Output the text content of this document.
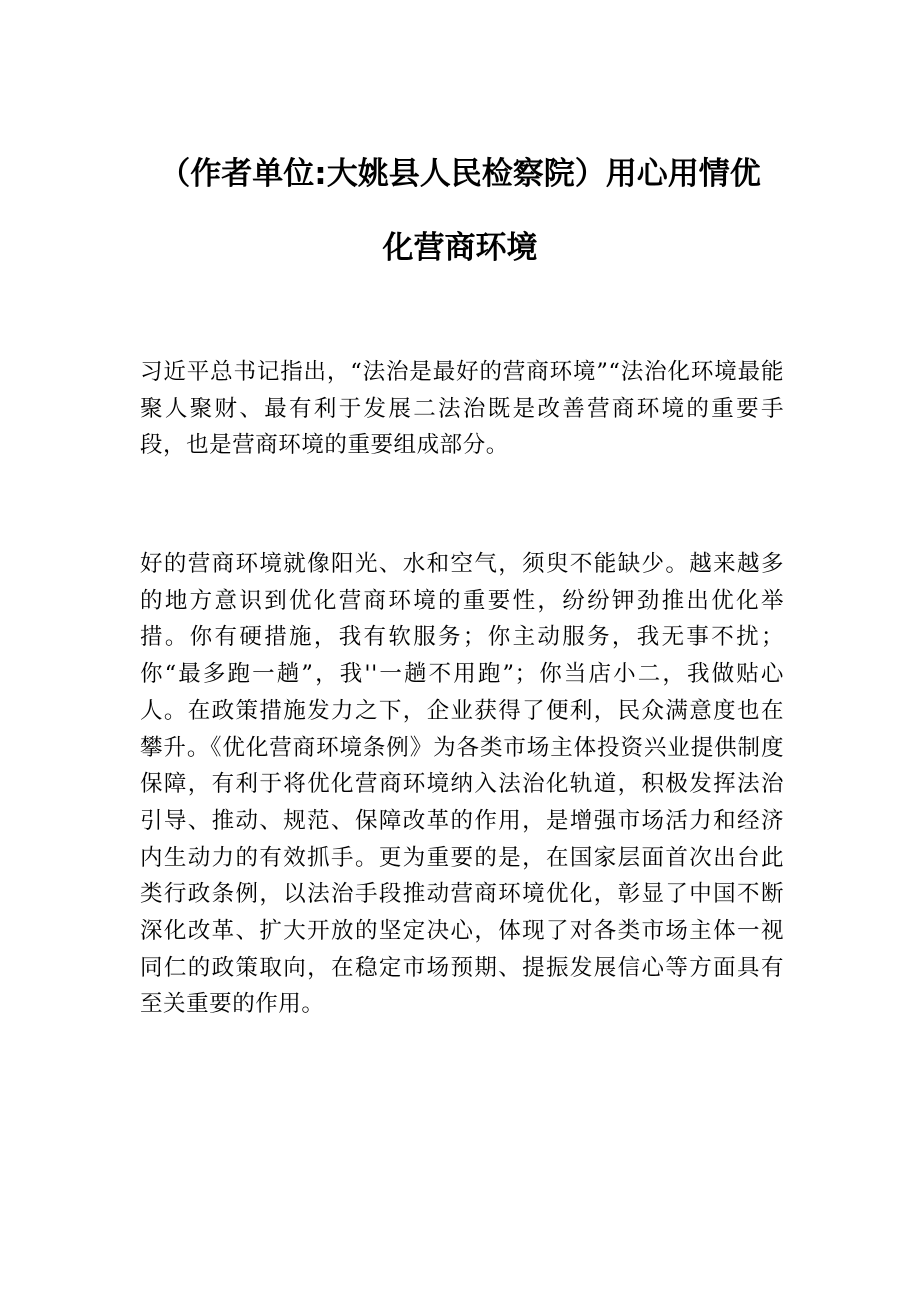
（作者单位:大姚县人民检察院）用心用情优
化营商环境

习近平总书记指出，“法治是最好的营商环境”“法治化环境最能聚人聚财、最有利于发展二法治既是改善营商环境的重要手段，也是营商环境的重要组成部分。

好的营商环境就像阳光、水和空气，须臾不能缺少。越来越多的地方意识到优化营商环境的重要性，纷纷钾劲推出优化举措。你有硬措施，我有软服务；你主动服务，我无事不扰；你“最多跑一趟”，我''一趟不用跑”；你当店小二，我做贴心人。在政策措施发力之下，企业获得了便利，民众满意度也在攀升。《优化营商环境条例》为各类市场主体投资兴业提供制度保障，有利于将优化营商环境纳入法治化轨道，积极发挥法治引导、推动、规范、保障改革的作用，是增强市场活力和经济内生动力的有效抓手。更为重要的是，在国家层面首次出台此类行政条例，以法治手段推动营商环境优化，彰显了中国不断深化改革、扩大开放的坚定决心，体现了对各类市场主体一视同仁的政策取向，在稳定市场预期、提振发展信心等方面具有至关重要的作用。
